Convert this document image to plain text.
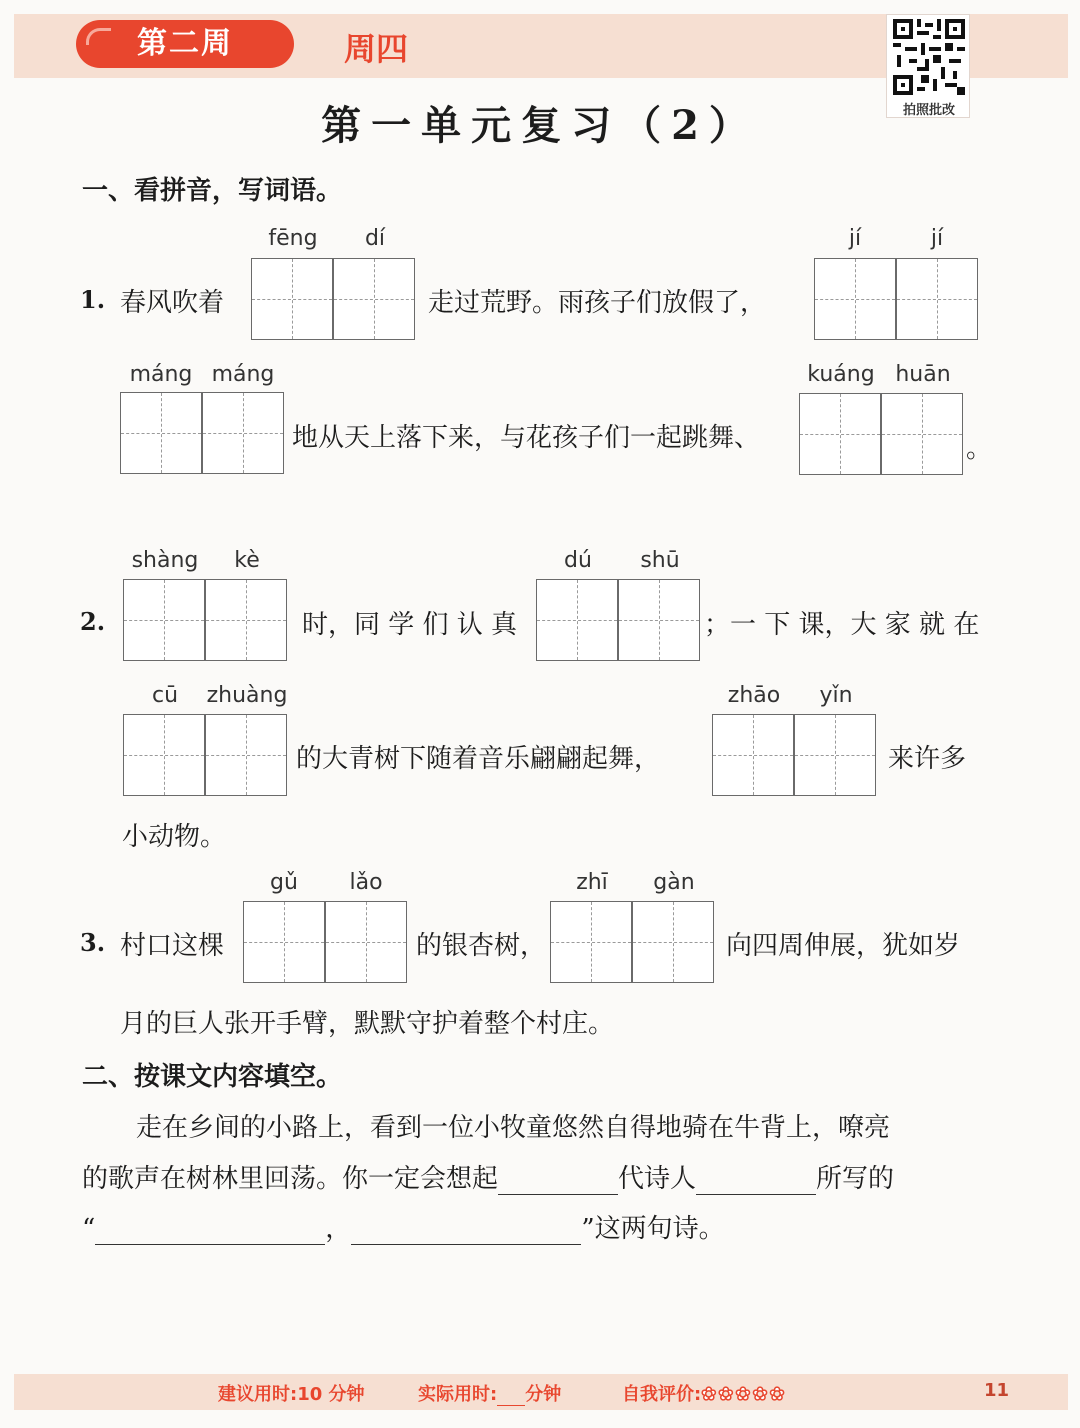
第二周	周四
拍照批改
第一单元复习（2）
一、看拼音，写词语。
1. 春风吹着
fēng	dí
走过荒野。雨孩子们放假了，
jí	jí
máng máng
地从天上落下来，与花孩子们一起跳舞、
kuáng huān
。
2.
shàng	kè
时，同 学 们 认 真
dú	shū
；一 下 课，大 家 就 在
cū	zhuàng
的大青树下随着音乐翩翩起舞，
zhāo	yǐn
来许多
小动物。
3. 村口这棵
gǔ	lǎo
的银杏树，
zhī	gàn
向四周伸展，犹如岁
月的巨人张开手臂，默默守护着整个村庄。
二、按课文内容填空。
走在乡间的小路上，看到一位小牧童悠然自得地骑在牛背上，嘹亮
的歌声在树林里回荡。你一定会想起	代诗人	所写的
“	，	”这两句诗。
建议用时:10 分钟	实际用时: 分钟	自我评价:✿✿✿✿✿	11
